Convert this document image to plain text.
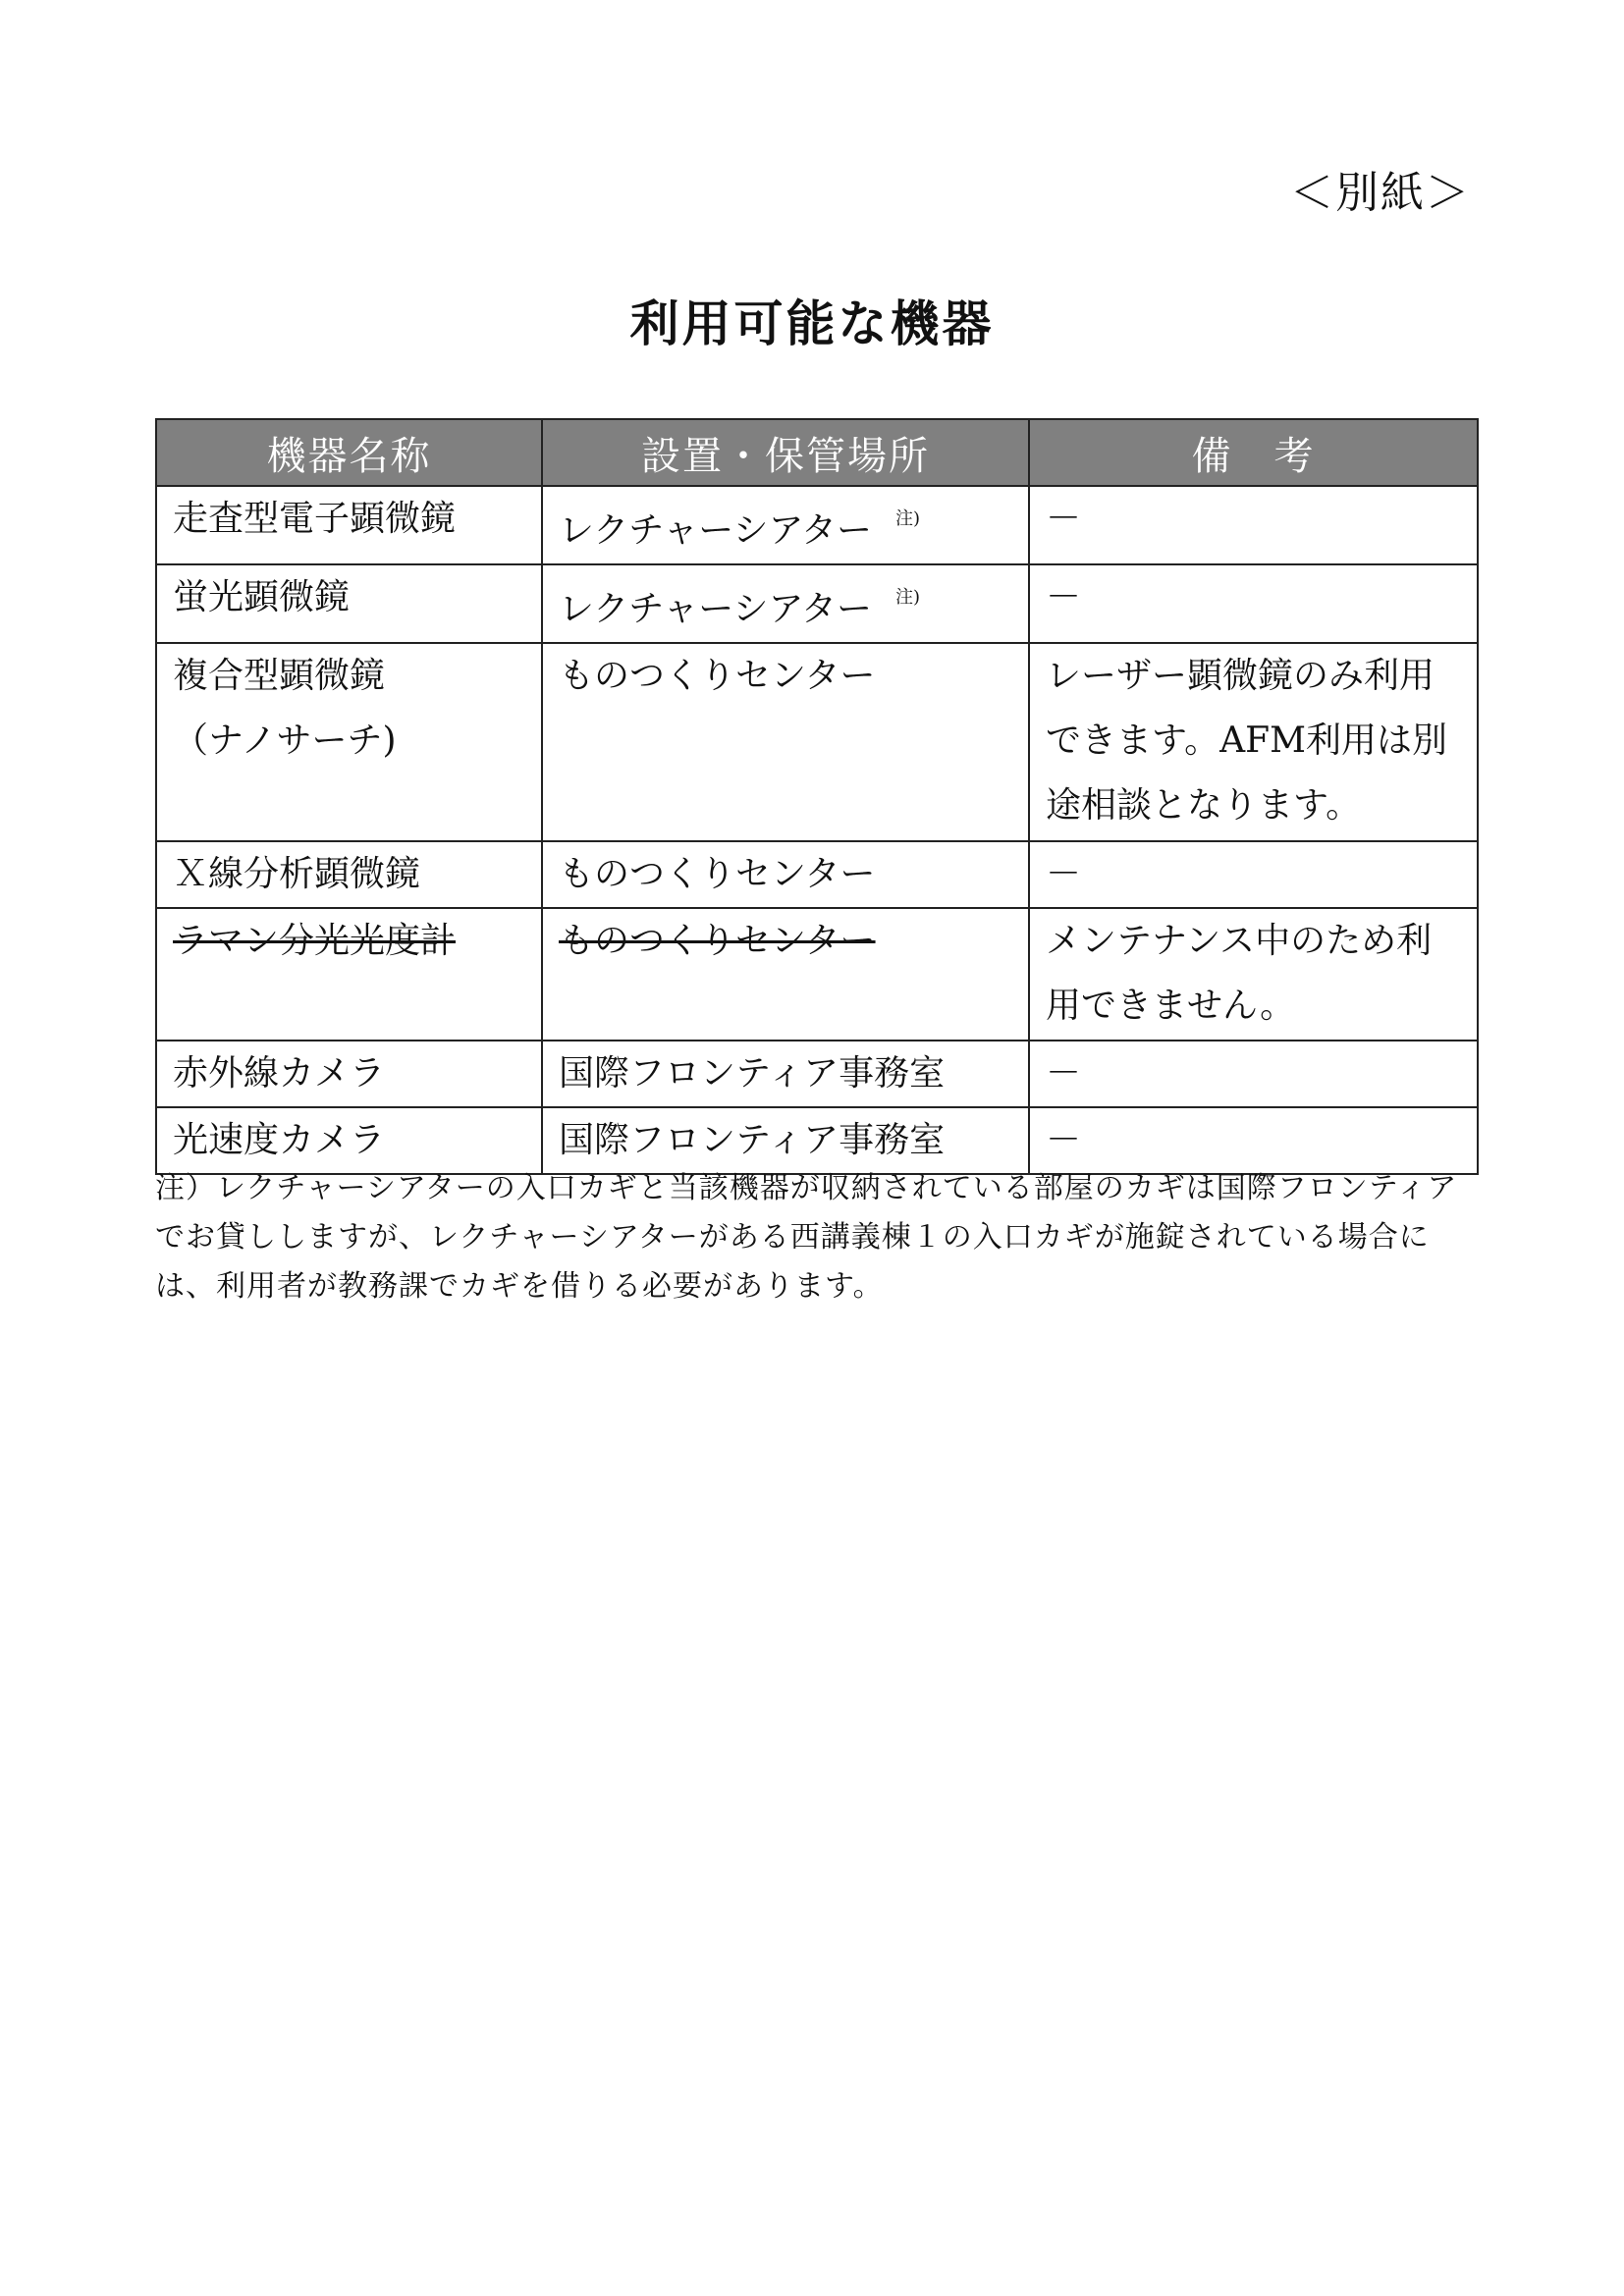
＜別紙＞
利用可能な機器
機器名称	設置・保管場所	備　考

走査型電子顕微鏡	レクチャーシアター $^{注)}$	－

蛍光顕微鏡	レクチャーシアター $^{注)}$	－

複合型顕微鏡
（ナノサーチ)	ものつくりセンター	レーザー顕微鏡のみ利用できます。AFM利用は別途相談となります。

Ｘ線分析顕微鏡	ものつくりセンター	－

ラマン分光光度計	ものつくりセンター	メンテナンス中のため利用できません。

赤外線カメラ	国際フロンティア事務室	－

光速度カメラ	国際フロンティア事務室	－
注）レクチャーシアターの入口カギと当該機器が収納されている部屋のカギは国際フロンティアでお貸ししますが、レクチャーシアターがある西講義棟１の入口カギが施錠されている場合には、利用者が教務課でカギを借りる必要があります。
